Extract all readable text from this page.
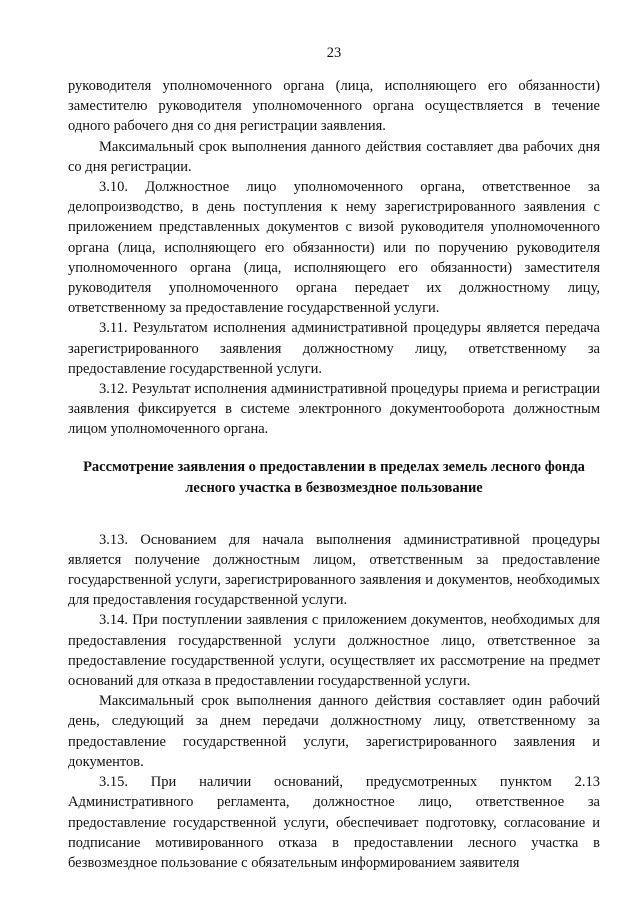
23

руководителя уполномоченного органа (лица, исполняющего его обязанности) заместителю руководителя уполномоченного органа осуществляется в течение одного рабочего дня со дня регистрации заявления.

Максимальный срок выполнения данного действия составляет два рабочих дня со дня регистрации.

3.10. Должностное лицо уполномоченного органа, ответственное за делопроизводство, в день поступления к нему зарегистрированного заявления с приложением представленных документов с визой руководителя уполномоченного органа (лица, исполняющего его обязанности) или по поручению руководителя уполномоченного органа (лица, исполняющего его обязанности) заместителя руководителя уполномоченного органа передает их должностному лицу, ответственному за предоставление государственной услуги.

3.11. Результатом исполнения административной процедуры является передача зарегистрированного заявления должностному лицу, ответственному за предоставление государственной услуги.

3.12. Результат исполнения административной процедуры приема и регистрации заявления фиксируется в системе электронного документооборота должностным лицом уполномоченного органа.

Рассмотрение заявления о предоставлении в пределах земель лесного фонда лесного участка в безвозмездное пользование

3.13. Основанием для начала выполнения административной процедуры является получение должностным лицом, ответственным за предоставление государственной услуги, зарегистрированного заявления и документов, необходимых для предоставления государственной услуги.

3.14. При поступлении заявления с приложением документов, необходимых для предоставления государственной услуги должностное лицо, ответственное за предоставление государственной услуги, осуществляет их рассмотрение на предмет оснований для отказа в предоставлении государственной услуги.

Максимальный срок выполнения данного действия составляет один рабочий день, следующий за днем передачи должностному лицу, ответственному за предоставление государственной услуги, зарегистрированного заявления и документов.

3.15. При наличии оснований, предусмотренных пунктом 2.13 Административного регламента, должностное лицо, ответственное за предоставление государственной услуги, обеспечивает подготовку, согласование и подписание мотивированного отказа в предоставлении лесного участка в безвозмездное пользование с обязательным информированием заявителя
